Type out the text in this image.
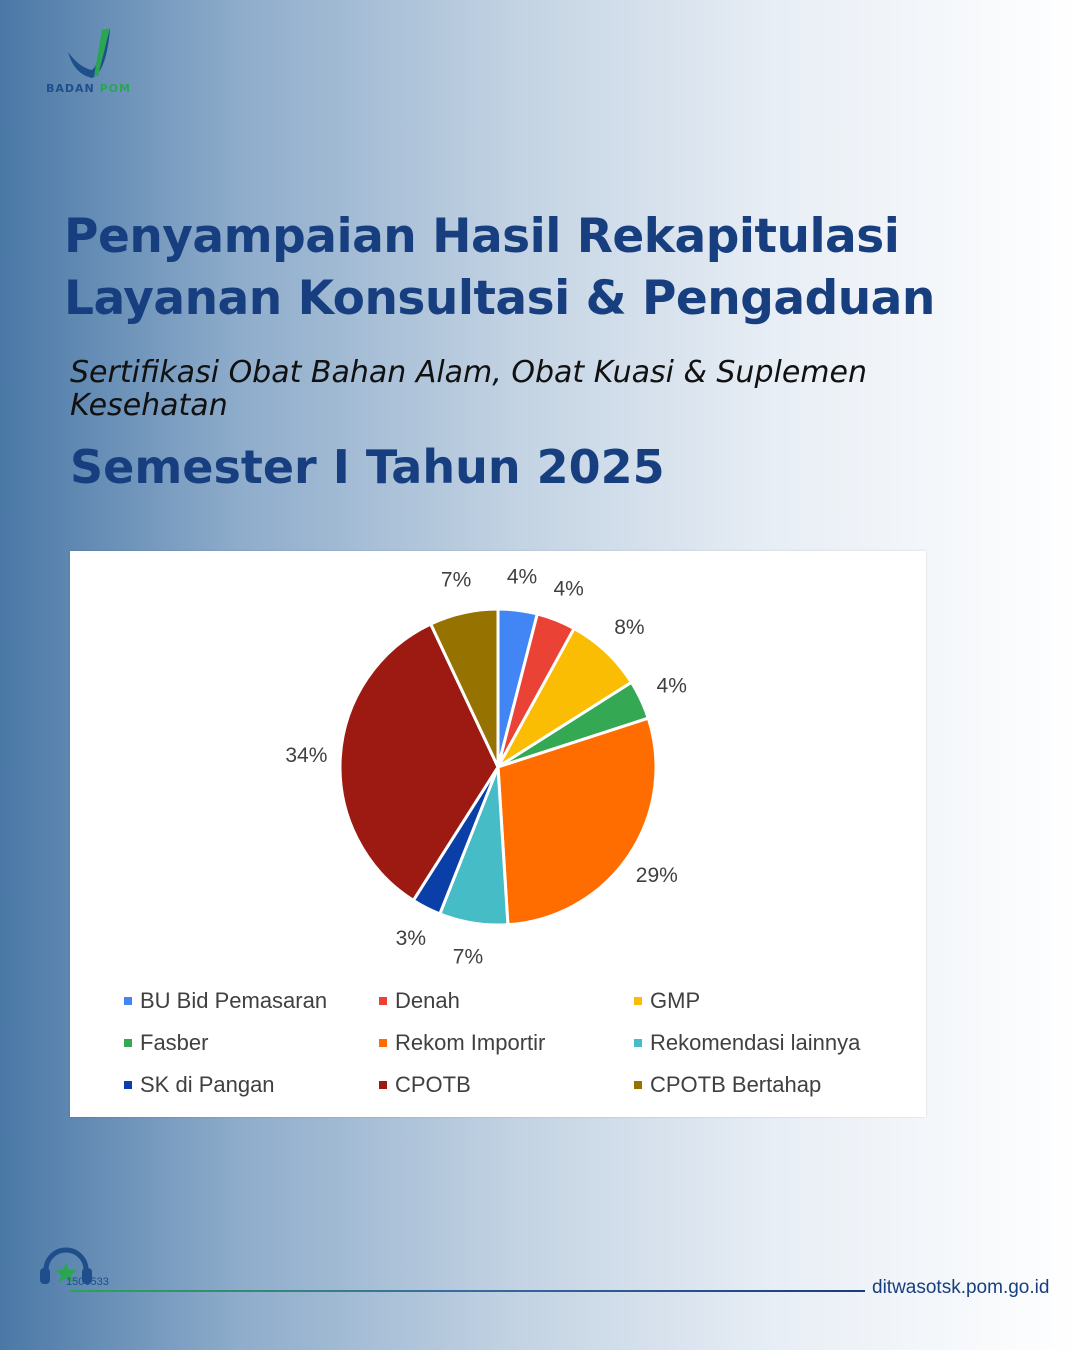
BADAN POM
Penyampaian Hasil Rekapitulasi
Layanan Konsultasi & Pengaduan

Sertifikasi Obat Bahan Alam, Obat Kuasi & Suplemen Kesehatan

Semester I Tahun 2025
4%
4%
8%
4%
29%
7%
3%
34%
7%
BU Bid Pemasaran	Denah	GMP
Fasber	Rekom Importir	Rekomendasi lainnya
SK di Pangan	CPOTB	CPOTB Bertahap
1500533	ditwasotsk.pom.go.id
